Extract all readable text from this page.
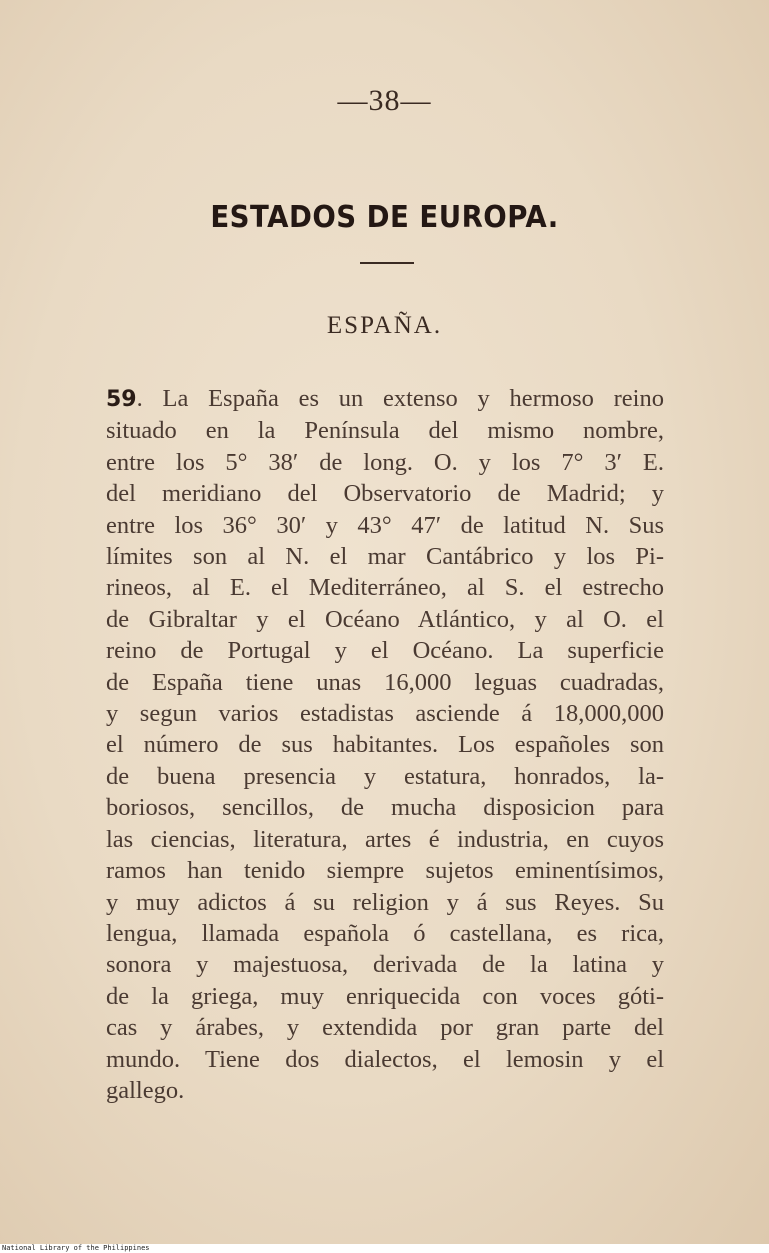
—38—
ESTADOS DE EUROPA.
ESPAÑA.
59. La España es un extenso y hermoso reino
situado en la Península del mismo nombre,
entre los 5° 38′ de long. O. y los 7° 3′ E.
del meridiano del Observatorio de Madrid; y
entre los 36° 30′ y 43° 47′ de latitud N. Sus
límites son al N. el mar Cantábrico y los Pi-
rineos, al E. el Mediterráneo, al S. el estrecho
de Gibraltar y el Océano Atlántico, y al O. el
reino de Portugal y el Océano. La superficie
de España tiene unas 16,000 leguas cuadradas,
y segun varios estadistas asciende á 18,000,000
el número de sus habitantes. Los españoles son
de buena presencia y estatura, honrados, la-
boriosos, sencillos, de mucha disposicion para
las ciencias, literatura, artes é industria, en cuyos
ramos han tenido siempre sujetos eminentísimos,
y muy adictos á su religion y á sus Reyes. Su
lengua, llamada española ó castellana, es rica,
sonora y majestuosa, derivada de la latina y
de la griega, muy enriquecida con voces góti-
cas y árabes, y extendida por gran parte del
mundo. Tiene dos dialectos, el lemosin y el
gallego.
National Library of the Philippines
